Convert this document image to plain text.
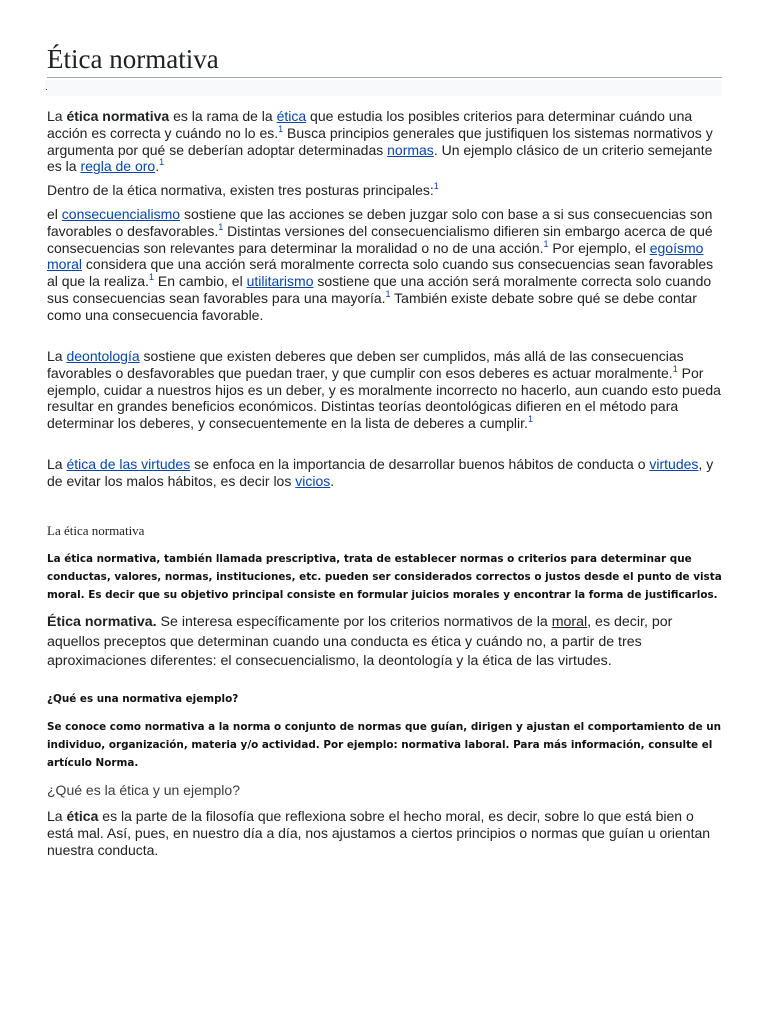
Ética normativa
.

La ética normativa es la rama de la ética que estudia los posibles criterios para determinar cuándo una acción es correcta y cuándo no lo es.$^1$ Busca principios generales que justifiquen los sistemas normativos y argumenta por qué se deberían adoptar determinadas normas. Un ejemplo clásico de un criterio semejante es la regla de oro.$^1$

Dentro de la ética normativa, existen tres posturas principales:$^1$

el consecuencialismo sostiene que las acciones se deben juzgar solo con base a si sus consecuencias son favorables o desfavorables.$^1$ Distintas versiones del consecuencialismo difieren sin embargo acerca de qué consecuencias son relevantes para determinar la moralidad o no de una acción.$^1$ Por ejemplo, el egoísmo moral considera que una acción será moralmente correcta solo cuando sus consecuencias sean favorables al que la realiza.$^1$ En cambio, el utilitarismo sostiene que una acción será moralmente correcta solo cuando sus consecuencias sean favorables para una mayoría.$^1$ También existe debate sobre qué se debe contar como una consecuencia favorable.

La deontología sostiene que existen deberes que deben ser cumplidos, más allá de las consecuencias favorables o desfavorables que puedan traer, y que cumplir con esos deberes es actuar moralmente.$^1$ Por ejemplo, cuidar a nuestros hijos es un deber, y es moralmente incorrecto no hacerlo, aun cuando esto pueda resultar en grandes beneficios económicos. Distintas teorías deontológicas difieren en el método para determinar los deberes, y consecuentemente en la lista de deberes a cumplir.$^1$

La ética de las virtudes se enfoca en la importancia de desarrollar buenos hábitos de conducta o virtudes, y de evitar los malos hábitos, es decir los vicios.

La ética normativa

La ética normativa, también llamada prescriptiva, trata de establecer normas o criterios para determinar que conductas, valores, normas, instituciones, etc. pueden ser considerados correctos o justos desde el punto de vista moral. Es decir que su objetivo principal consiste en formular juicios morales y encontrar la forma de justificarlos.

Ética normativa. Se interesa específicamente por los criterios normativos de la moral, es decir, por aquellos preceptos que determinan cuando una conducta es ética y cuándo no, a partir de tres aproximaciones diferentes: el consecuencialismo, la deontología y la ética de las virtudes.

¿Qué es una normativa ejemplo?

Se conoce como normativa a la norma o conjunto de normas que guían, dirigen y ajustan el comportamiento de un individuo, organización, materia y/o actividad. Por ejemplo: normativa laboral. Para más información, consulte el artículo Norma.

¿Qué es la ética y un ejemplo?

La ética es la parte de la filosofía que reflexiona sobre el hecho moral, es decir, sobre lo que está bien o está mal. Así, pues, en nuestro día a día, nos ajustamos a ciertos principios o normas que guían u orientan nuestra conducta.
